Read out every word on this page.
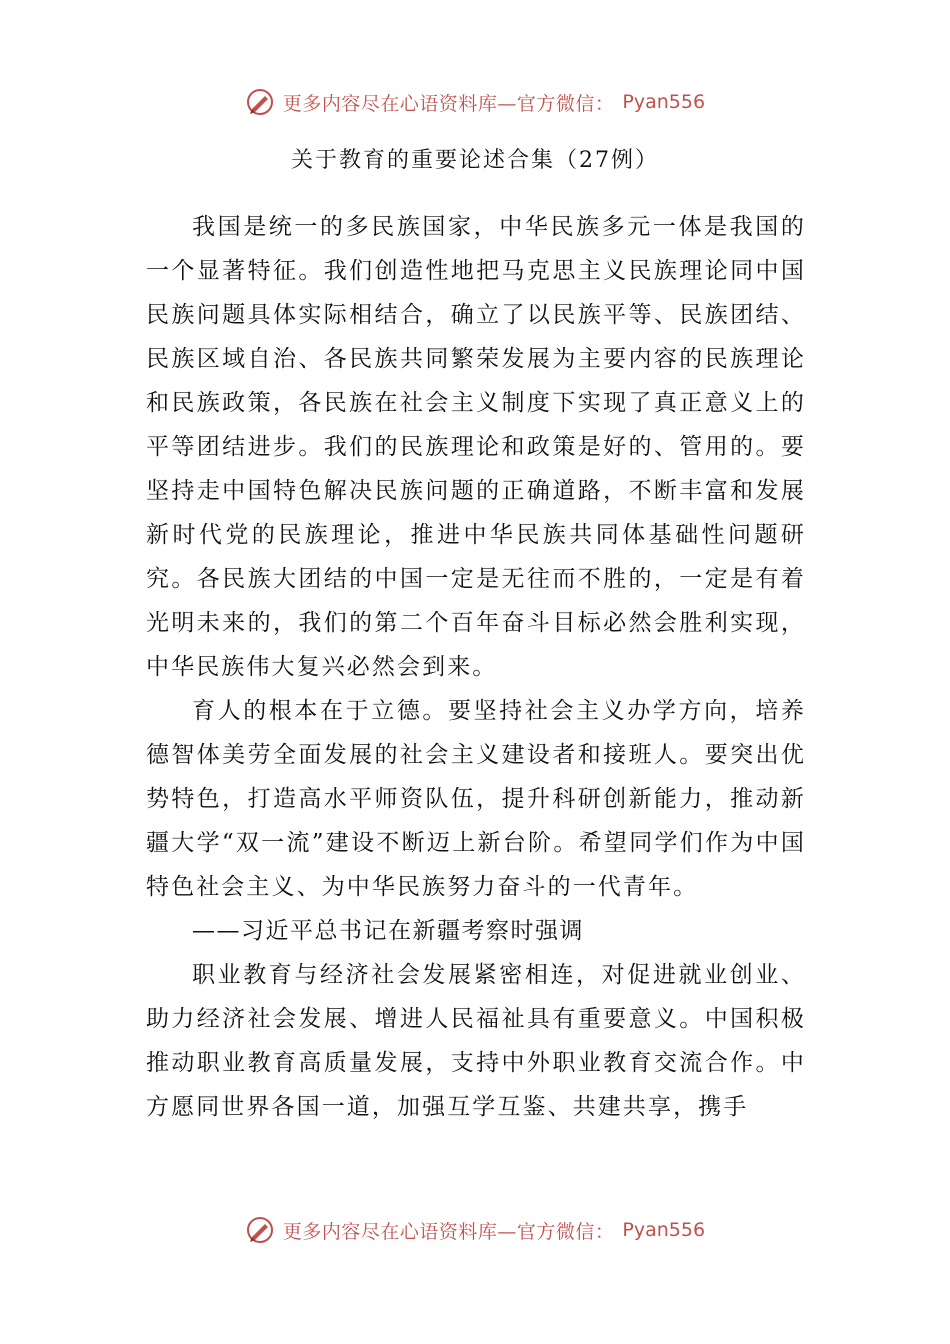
更多内容尽在心语资料库—官方微信： Pyan556
关于教育的重要论述合集（27例）

我国是统一的多民族国家，中华民族多元一体是我国的一个显著特征。我们创造性地把马克思主义民族理论同中国民族问题具体实际相结合，确立了以民族平等、民族团结、民族区域自治、各民族共同繁荣发展为主要内容的民族理论和民族政策，各民族在社会主义制度下实现了真正意义上的平等团结进步。我们的民族理论和政策是好的、管用的。要坚持走中国特色解决民族问题的正确道路，不断丰富和发展新时代党的民族理论，推进中华民族共同体基础性问题研究。各民族大团结的中国一定是无往而不胜的，一定是有着光明未来的，我们的第二个百年奋斗目标必然会胜利实现，中华民族伟大复兴必然会到来。

育人的根本在于立德。要坚持社会主义办学方向，培养德智体美劳全面发展的社会主义建设者和接班人。要突出优势特色，打造高水平师资队伍，提升科研创新能力，推动新疆大学“双一流”建设不断迈上新台阶。希望同学们作为中国特色社会主义、为中华民族努力奋斗的一代青年。

——习近平总书记在新疆考察时强调

职业教育与经济社会发展紧密相连，对促进就业创业、助力经济社会发展、增进人民福祉具有重要意义。中国积极推动职业教育高质量发展，支持中外职业教育交流合作。中方愿同世界各国一道，加强互学互鉴、共建共享，携手

更多内容尽在心语资料库—官方微信： Pyan556
